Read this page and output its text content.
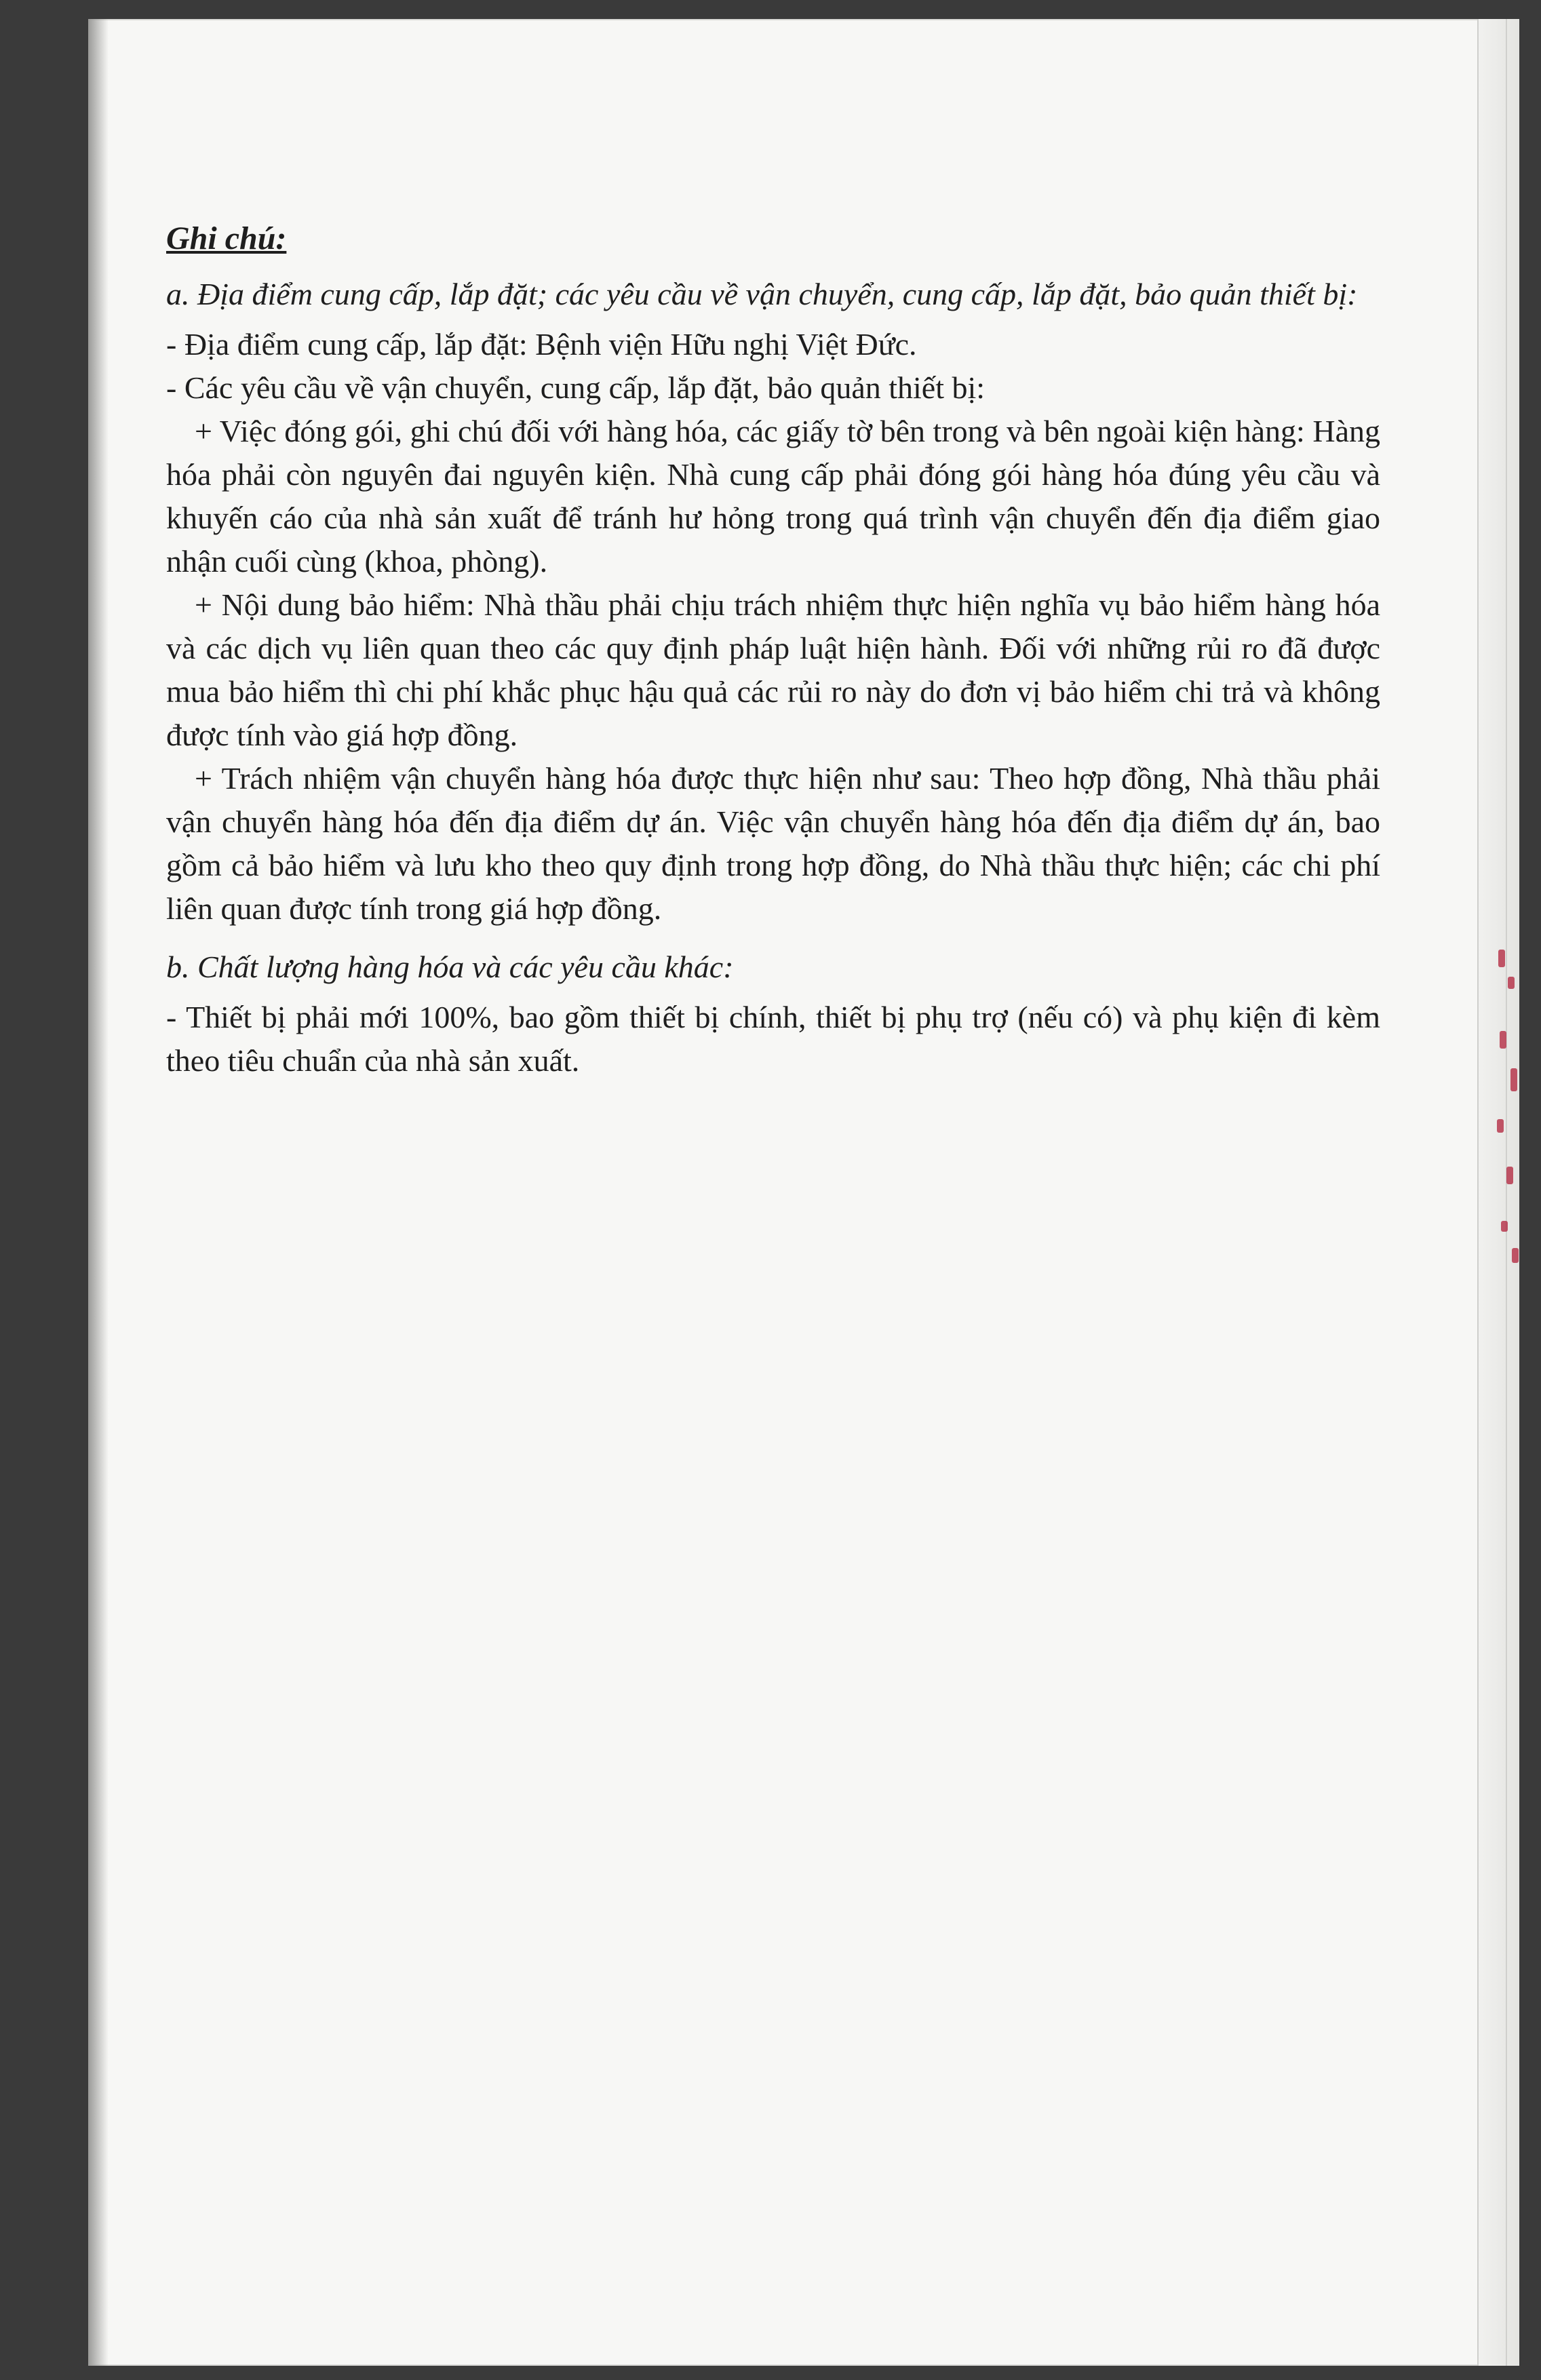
Ghi chú:

a. Địa điểm cung cấp, lắp đặt; các yêu cầu về vận chuyển, cung cấp, lắp đặt, bảo quản thiết bị:

- Địa điểm cung cấp, lắp đặt: Bệnh viện Hữu nghị Việt Đức.

- Các yêu cầu về vận chuyển, cung cấp, lắp đặt, bảo quản thiết bị:

+ Việc đóng gói, ghi chú đối với hàng hóa, các giấy tờ bên trong và bên ngoài kiện hàng: Hàng hóa phải còn nguyên đai nguyên kiện. Nhà cung cấp phải đóng gói hàng hóa đúng yêu cầu và khuyến cáo của nhà sản xuất để tránh hư hỏng trong quá trình vận chuyển đến địa điểm giao nhận cuối cùng (khoa, phòng).

+ Nội dung bảo hiểm: Nhà thầu phải chịu trách nhiệm thực hiện nghĩa vụ bảo hiểm hàng hóa và các dịch vụ liên quan theo các quy định pháp luật hiện hành. Đối với những rủi ro đã được mua bảo hiểm thì chi phí khắc phục hậu quả các rủi ro này do đơn vị bảo hiểm chi trả và không được tính vào giá hợp đồng.

+ Trách nhiệm vận chuyển hàng hóa được thực hiện như sau: Theo hợp đồng, Nhà thầu phải vận chuyển hàng hóa đến địa điểm dự án. Việc vận chuyển hàng hóa đến địa điểm dự án, bao gồm cả bảo hiểm và lưu kho theo quy định trong hợp đồng, do Nhà thầu thực hiện; các chi phí liên quan được tính trong giá hợp đồng.

b. Chất lượng hàng hóa và các yêu cầu khác:

- Thiết bị phải mới 100%, bao gồm thiết bị chính, thiết bị phụ trợ (nếu có) và phụ kiện đi kèm theo tiêu chuẩn của nhà sản xuất.
